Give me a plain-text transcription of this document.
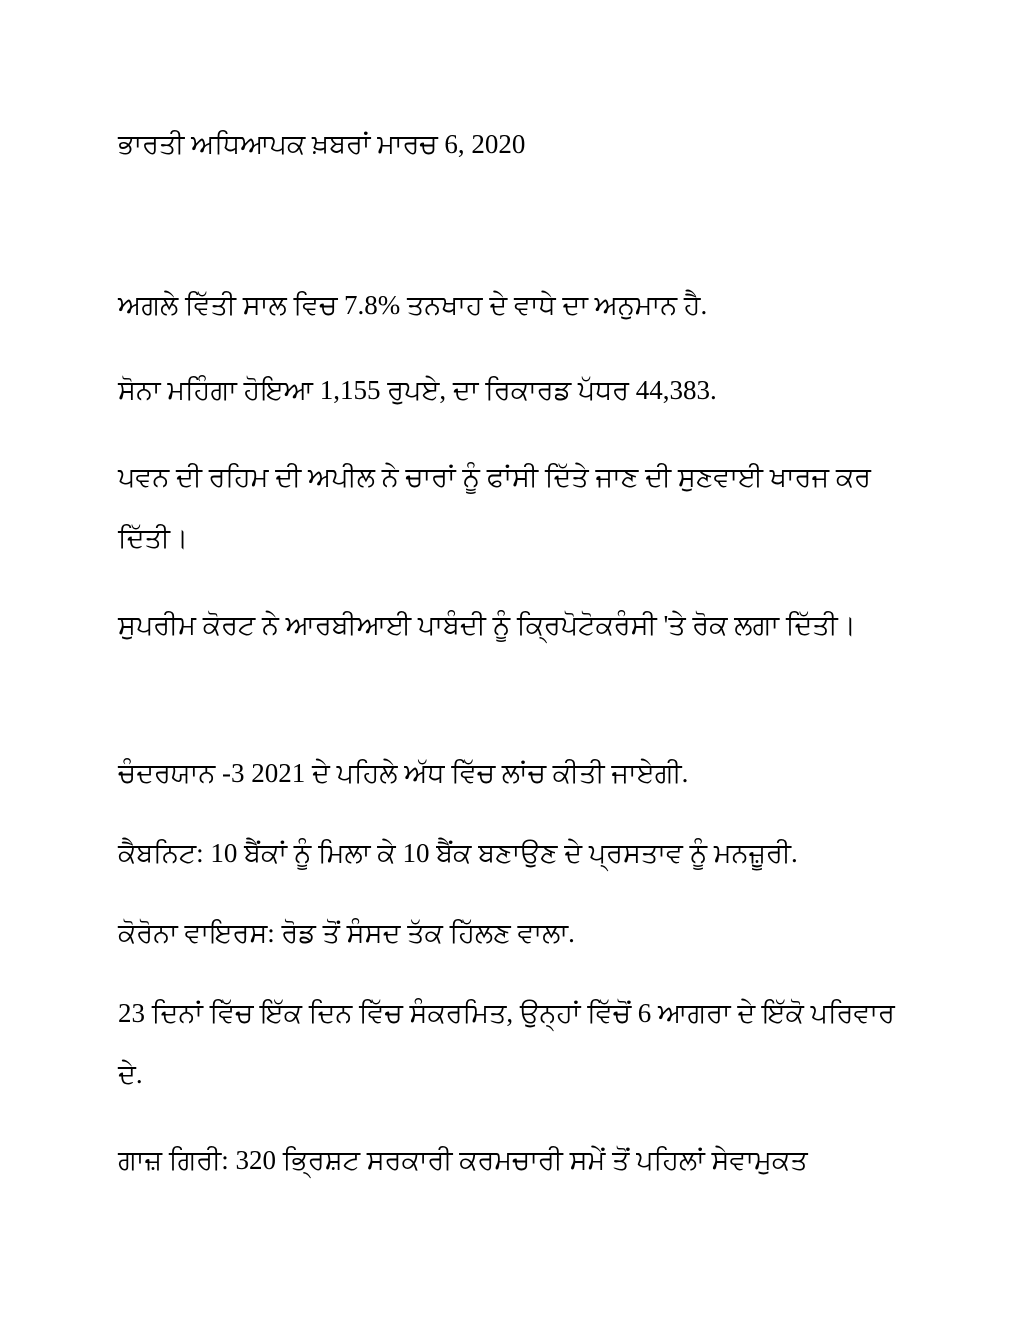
ਭਾਰਤੀ ਅਧਿਆਪਕ ਖ਼ਬਰਾਂ ਮਾਰਚ 6, 2020

ਅਗਲੇ ਵਿੱਤੀ ਸਾਲ ਵਿਚ 7.8% ਤਨਖਾਹ ਦੇ ਵਾਧੇ ਦਾ ਅਨੁਮਾਨ ਹੈ.

ਸੋਨਾ ਮਹਿੰਗਾ ਹੋਇਆ 1,155 ਰੁਪਏ, ਦਾ ਰਿਕਾਰਡ ਪੱਧਰ 44,383.

ਪਵਨ ਦੀ ਰਹਿਮ ਦੀ ਅਪੀਲ ਨੇ ਚਾਰਾਂ ਨੂੰ ਫਾਂਸੀ ਦਿੱਤੇ ਜਾਣ ਦੀ ਸੁਣਵਾਈ ਖਾਰਜ ਕਰ ਦਿੱਤੀ।

ਸੁਪਰੀਮ ਕੋਰਟ ਨੇ ਆਰਬੀਆਈ ਪਾਬੰਦੀ ਨੂੰ ਕ੍ਰਿਪੋਟੋਕਰੰਸੀ 'ਤੇ ਰੋਕ ਲਗਾ ਦਿੱਤੀ।

ਚੰਦਰਯਾਨ -3 2021 ਦੇ ਪਹਿਲੇ ਅੱਧ ਵਿੱਚ ਲਾਂਚ ਕੀਤੀ ਜਾਏਗੀ.

ਕੈਬਨਿਟ: 10 ਬੈਂਕਾਂ ਨੂੰ ਮਿਲਾ ਕੇ 10 ਬੈਂਕ ਬਣਾਉਣ ਦੇ ਪ੍ਰਸਤਾਵ ਨੂੰ ਮਨਜ਼ੂਰੀ.

ਕੋਰੋਨਾ ਵਾਇਰਸ: ਰੋਡ ਤੋਂ ਸੰਸਦ ਤੱਕ ਹਿੱਲਣ ਵਾਲਾ.

23 ਦਿਨਾਂ ਵਿੱਚ ਇੱਕ ਦਿਨ ਵਿੱਚ ਸੰਕਰਮਿਤ, ਉਨ੍ਹਾਂ ਵਿੱਚੋਂ 6 ਆਗਰਾ ਦੇ ਇੱਕੋ ਪਰਿਵਾਰ ਦੇ.

ਗਾਜ਼ ਗਿਰੀ: 320 ਭ੍ਰਿਸ਼ਟ ਸਰਕਾਰੀ ਕਰਮਚਾਰੀ ਸਮੇਂ ਤੋਂ ਪਹਿਲਾਂ ਸੇਵਾਮੁਕਤ
